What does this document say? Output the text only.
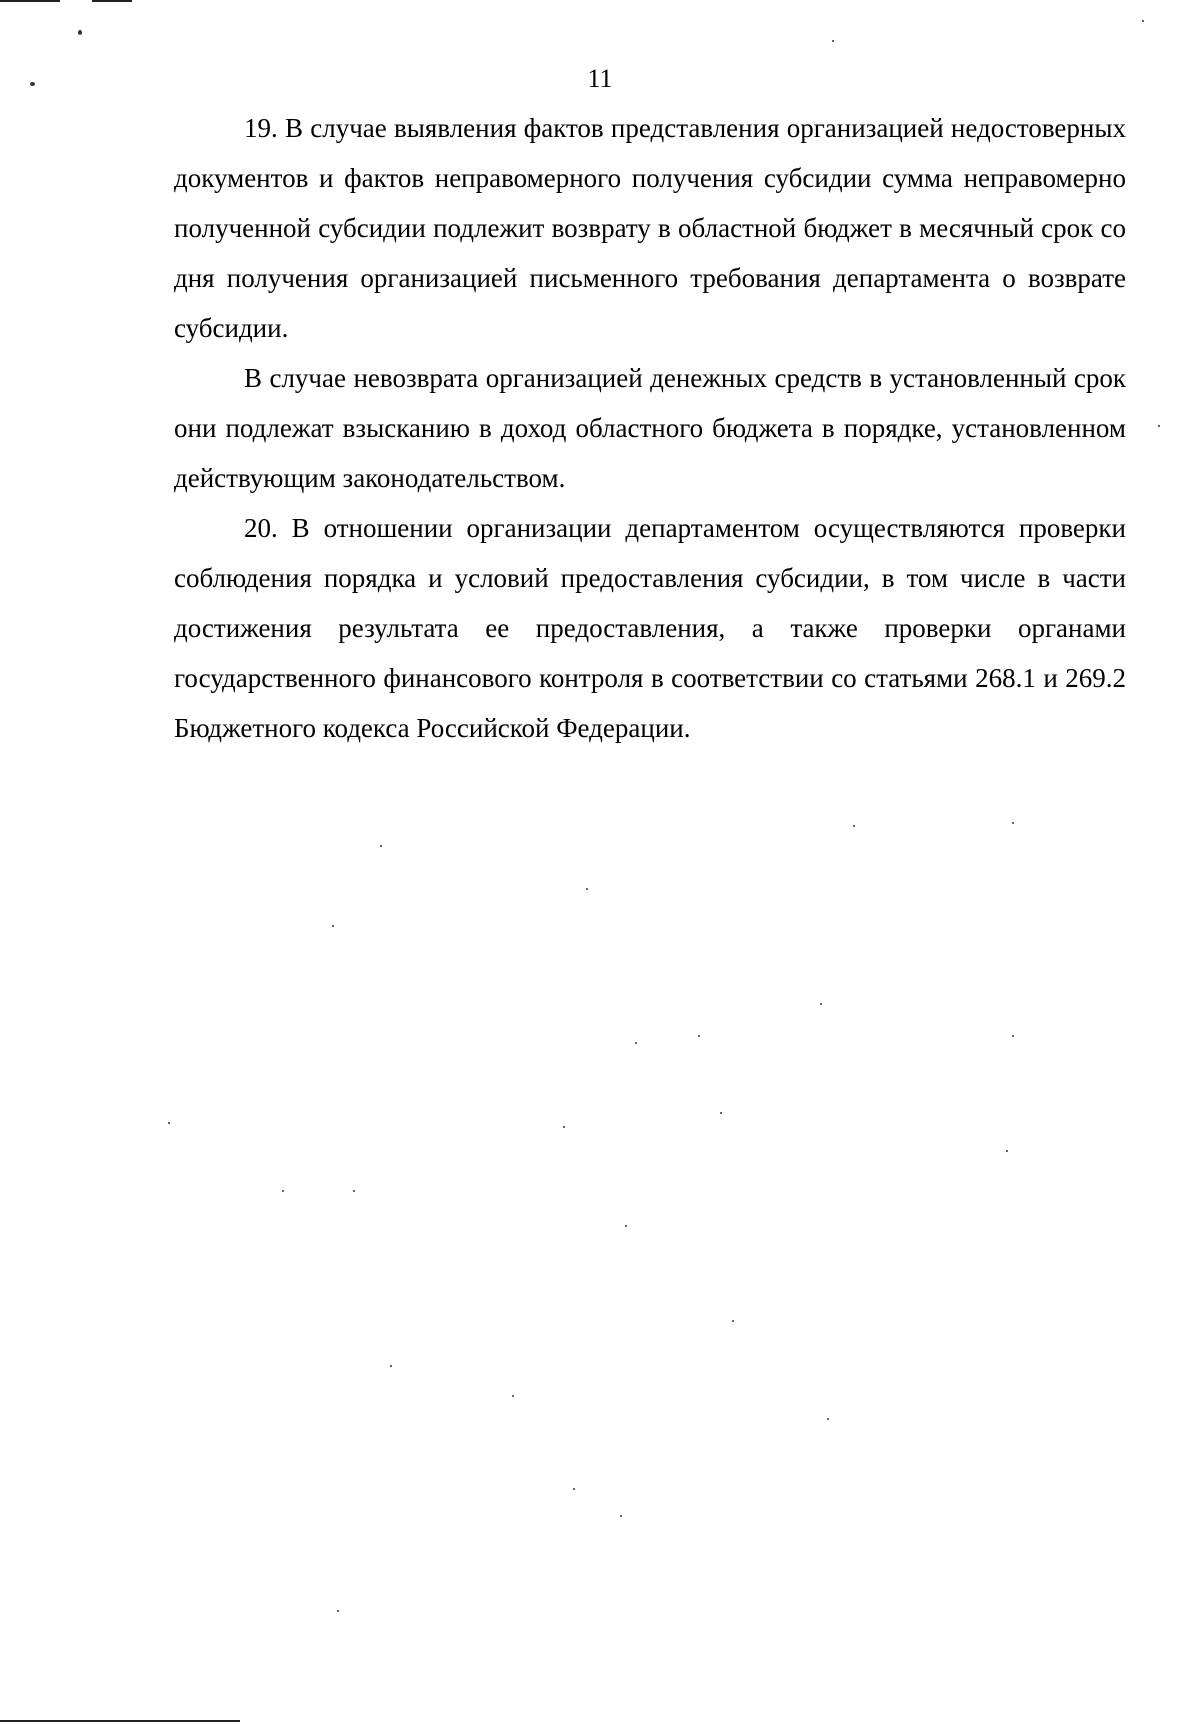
11

19. В случае выявления фактов представления организацией недостоверных документов и фактов неправомерного получения субсидии сумма неправомерно полученной субсидии подлежит возврату в областной бюджет в месячный срок со дня получения организацией письменного требования департамента о возврате субсидии.

В случае невозврата организацией денежных средств в установленный срок они подлежат взысканию в доход областного бюджета в порядке, установленном действующим законодательством.

20. В отношении организации департаментом осуществляются проверки соблюдения порядка и условий предоставления субсидии, в том числе в части достижения результата ее предоставления, а также проверки органами государственного финансового контроля в соответствии со статьями 268.1 и 269.2 Бюджетного кодекса Российской Федерации.
